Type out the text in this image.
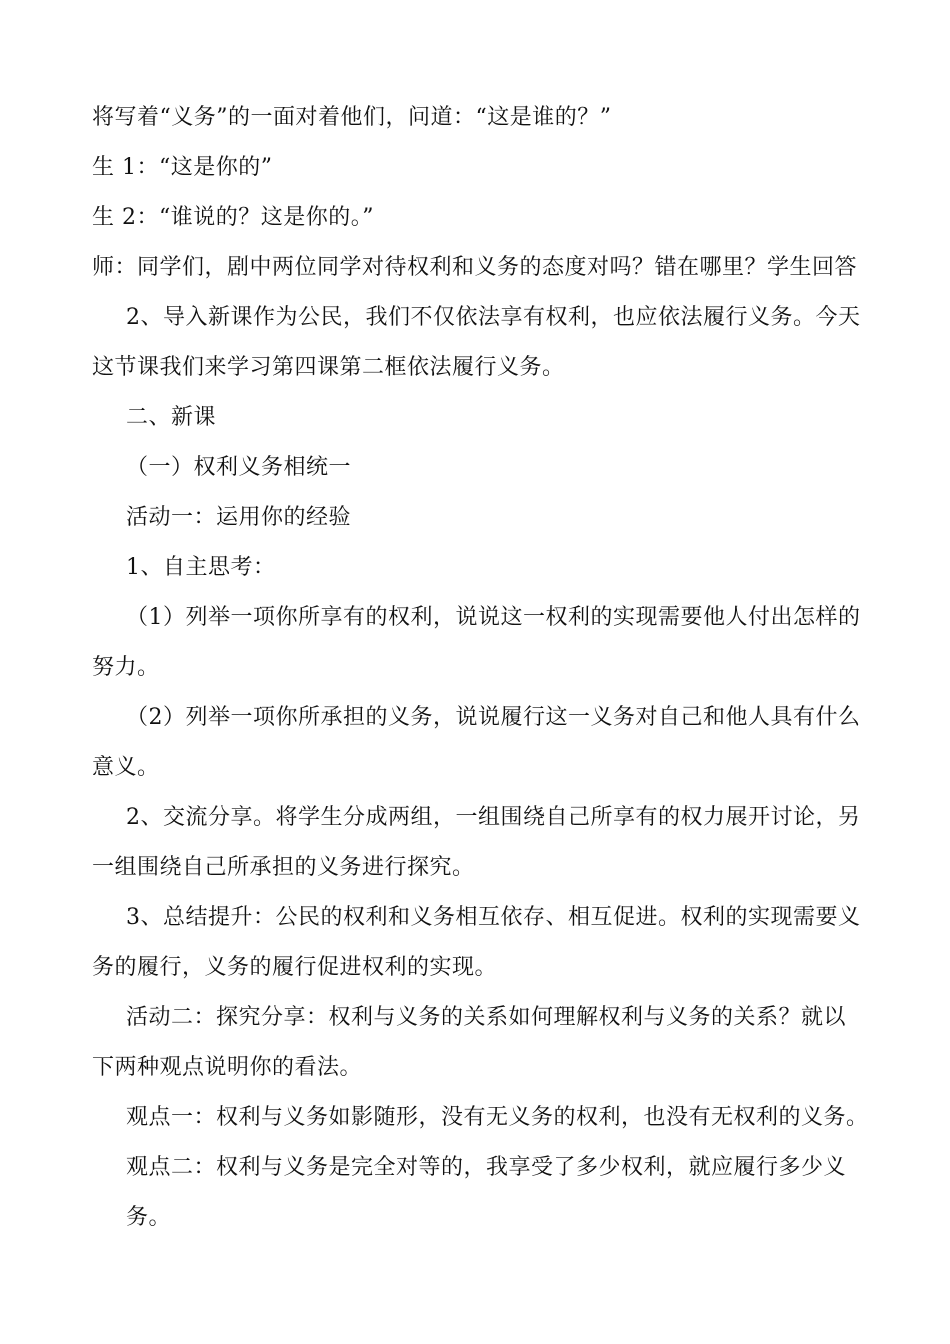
将写着“义务”的一面对着他们，问道：“这是谁的？”
生 1：“这是你的”
生 2：“谁说的？这是你的。”
师：同学们，剧中两位同学对待权利和义务的态度对吗？错在哪里？学生回答
2、导入新课作为公民，我们不仅依法享有权利，也应依法履行义务。今天
这节课我们来学习第四课第二框依法履行义务。
二、新课
（一）权利义务相统一
活动一：运用你的经验
1、自主思考：
（1）列举一项你所享有的权利，说说这一权利的实现需要他人付出怎样的
努力。
（2）列举一项你所承担的义务，说说履行这一义务对自己和他人具有什么
意义。
2、交流分享。将学生分成两组，一组围绕自己所享有的权力展开讨论，另
一组围绕自己所承担的义务进行探究。
3、总结提升：公民的权利和义务相互依存、相互促进。权利的实现需要义
务的履行，义务的履行促进权利的实现。
活动二：探究分享：权利与义务的关系如何理解权利与义务的关系？就以
下两种观点说明你的看法。
观点一：权利与义务如影随形，没有无义务的权利，也没有无权利的义务。
观点二：权利与义务是完全对等的，我享受了多少权利，就应履行多少义
务。
